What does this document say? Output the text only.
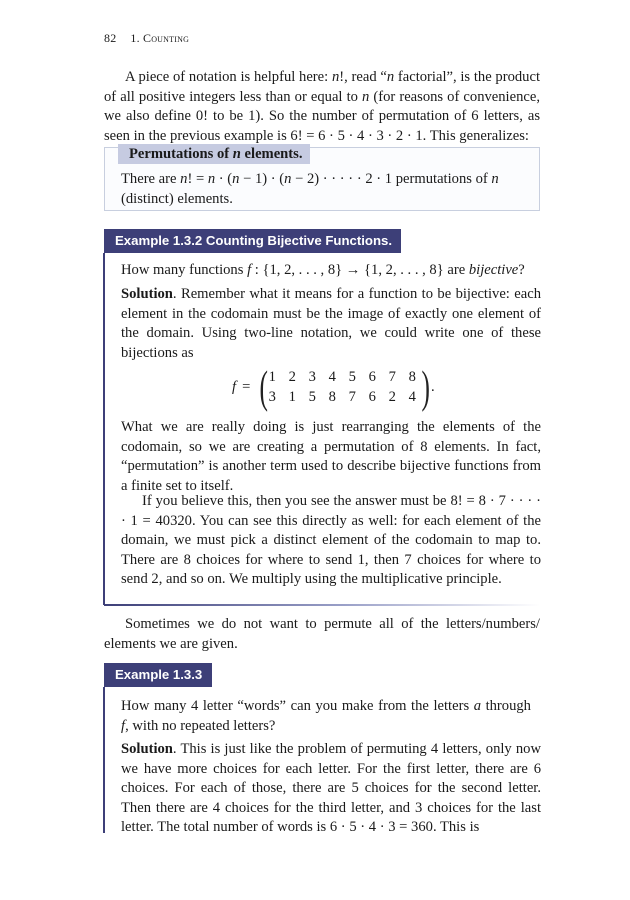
82 1. Counting
A piece of notation is helpful here: n!, read “n factorial”, is the product of all positive integers less than or equal to n (for reasons of convenience, we also define 0! to be 1). So the number of permutation of 6 letters, as seen in the previous example is 6! = 6 · 5 · 4 · 3 · 2 · 1. This generalizes:
Permutations of n elements.
There are n! = n · (n − 1) · (n − 2) · · · · · 2 · 1 permutations of n (distinct) elements.
Example 1.3.2 Counting Bijective Functions.
How many functions f : {1, 2, . . . , 8} → {1, 2, . . . , 8} are bijective?
Solution. Remember what it means for a function to be bijective: each element in the codomain must be the image of exactly one element of the domain. Using two-line notation, we could write one of these bijections as
f = ( 1 2 3 4 5 6 7 8
3 1 5 8 7 6 2 4 ) .
What we are really doing is just rearranging the elements of the codomain, so we are creating a permutation of 8 elements. In fact, “permutation” is another term used to describe bijective functions from a finite set to itself.
If you believe this, then you see the answer must be 8! = 8 · 7 · · · · · 1 = 40320. You can see this directly as well: for each element of the domain, we must pick a distinct element of the codomain to map to. There are 8 choices for where to send 1, then 7 choices for where to send 2, and so on. We multiply using the multiplicative principle.
Sometimes we do not want to permute all of the letters/numbers/ elements we are given.
Example 1.3.3
How many 4 letter “words” can you make from the letters a through f, with no repeated letters?
Solution. This is just like the problem of permuting 4 letters, only now we have more choices for each letter. For the first letter, there are 6 choices. For each of those, there are 5 choices for the second letter. Then there are 4 choices for the third letter, and 3 choices for the last letter. The total number of words is 6 · 5 · 4 · 3 = 360. This is
